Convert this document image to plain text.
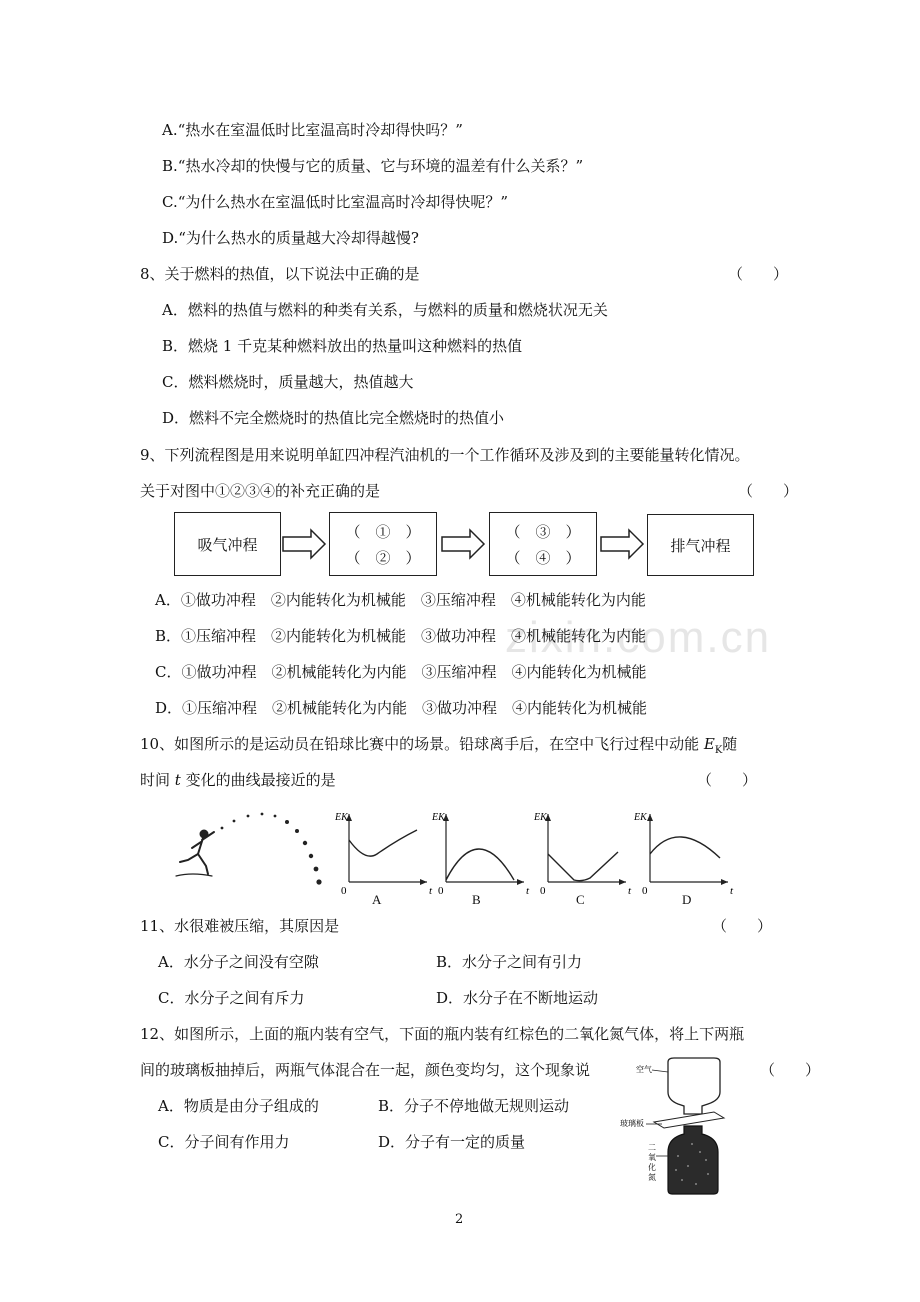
zixin.com.cn
A.“热水在室温低时比室温高时冷却得快吗？”
B.“热水冷却的快慢与它的质量、它与环境的温差有什么关系？”
C.“为什么热水在室温低时比室温高时冷却得快呢？”
D.“为什么热水的质量越大冷却得越慢?
8、关于燃料的热值，以下说法中正确的是	（　　）
A．燃料的热值与燃料的种类有关系，与燃料的质量和燃烧状况无关
B．燃烧 1 千克某种燃料放出的热量叫这种燃料的热值
C．燃料燃烧时，质量越大，热值越大
D．燃料不完全燃烧时的热值比完全燃烧时的热值小
9、下列流程图是用来说明单缸四冲程汽油机的一个工作循环及涉及到的主要能量转化情况。
关于对图中①②③④的补充正确的是	（　　）
吸气冲程
（　①　）
（　②　）
（　③　）
（　④　）
排气冲程
A．①做功冲程　②内能转化为机械能　③压缩冲程　④机械能转化为内能
B．①压缩冲程　②内能转化为机械能　③做功冲程　④机械能转化为内能
C．①做功冲程　②机械能转化为内能　③压缩冲程　④内能转化为机械能
D．①压缩冲程　②机械能转化为内能　③做功冲程　④内能转化为机械能
10、如图所示的是运动员在铅球比赛中的场景。铅球离手后，在空中飞行过程中动能 $E_K$随
时间 t 变化的曲线最接近的是	（　　）
EK
0	t
A
EK
0	t
B
EK
0	t
C
EK
0	t
D
11、水很难被压缩，其原因是	（　　）
A．水分子之间没有空隙	B．水分子之间有引力
C．水分子之间有斥力	D．水分子在不断地运动
12、如图所示，上面的瓶内装有空气，下面的瓶内装有红棕色的二氧化氮气体，将上下两瓶
间的玻璃板抽掉后，两瓶气体混合在一起，颜色变均匀，这个现象说	（　　）
A．物质是由分子组成的	B．分子不停地做无规则运动
C．分子间有作用力	D．分子有一定的质量
空气
玻璃板
二
氧
化
氮
2
